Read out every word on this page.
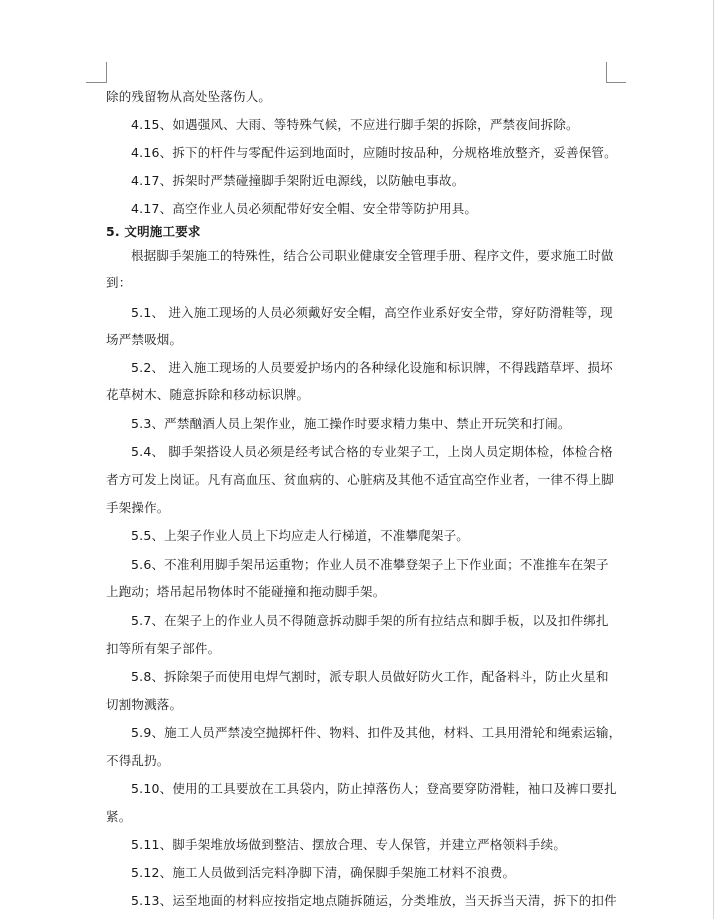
除的残留物从高处坠落伤人。
4.15、如遇强风、大雨、等特殊气候，不应进行脚手架的拆除，严禁夜间拆除。
4.16、拆下的杆件与零配件运到地面时，应随时按品种，分规格堆放整齐，妥善保管。
4.17、拆架时严禁碰撞脚手架附近电源线，以防触电事故。
4.17、高空作业人员必须配带好安全帽、安全带等防护用具。
5. 文明施工要求
根据脚手架施工的特殊性，结合公司职业健康安全管理手册、程序文件，要求施工时做
到：
5.1、 进入施工现场的人员必须戴好安全帽，高空作业系好安全带，穿好防滑鞋等，现
场严禁吸烟。
5.2、 进入施工现场的人员要爱护场内的各种绿化设施和标识牌，不得践踏草坪、损坏
花草树木、随意拆除和移动标识牌。
5.3、严禁酗酒人员上架作业，施工操作时要求精力集中、禁止开玩笑和打闹。
5.4、 脚手架搭设人员必须是经考试合格的专业架子工，上岗人员定期体检，体检合格
者方可发上岗证。凡有高血压、贫血病的、心脏病及其他不适宜高空作业者，一律不得上脚
手架操作。
5.5、上架子作业人员上下均应走人行梯道，不准攀爬架子。
5.6、不准利用脚手架吊运重物；作业人员不准攀登架子上下作业面；不准推车在架子
上跑动；塔吊起吊物体时不能碰撞和拖动脚手架。
5.7、在架子上的作业人员不得随意拆动脚手架的所有拉结点和脚手板，以及扣件绑扎
扣等所有架子部件。
5.8、拆除架子而使用电焊气割时，派专职人员做好防火工作，配备料斗，防止火星和
切割物溅落。
5.9、施工人员严禁凌空抛掷杆件、物料、扣件及其他，材料、工具用滑轮和绳索运输，
不得乱扔。
5.10、使用的工具要放在工具袋内，防止掉落伤人；登高要穿防滑鞋，袖口及裤口要扎
紧。
5.11、脚手架堆放场做到整洁、摆放合理、专人保管，并建立严格领料手续。
5.12、施工人员做到活完料净脚下清，确保脚手架施工材料不浪费。
5.13、运至地面的材料应按指定地点随拆随运，分类堆放，当天拆当天清，拆下的扣件
